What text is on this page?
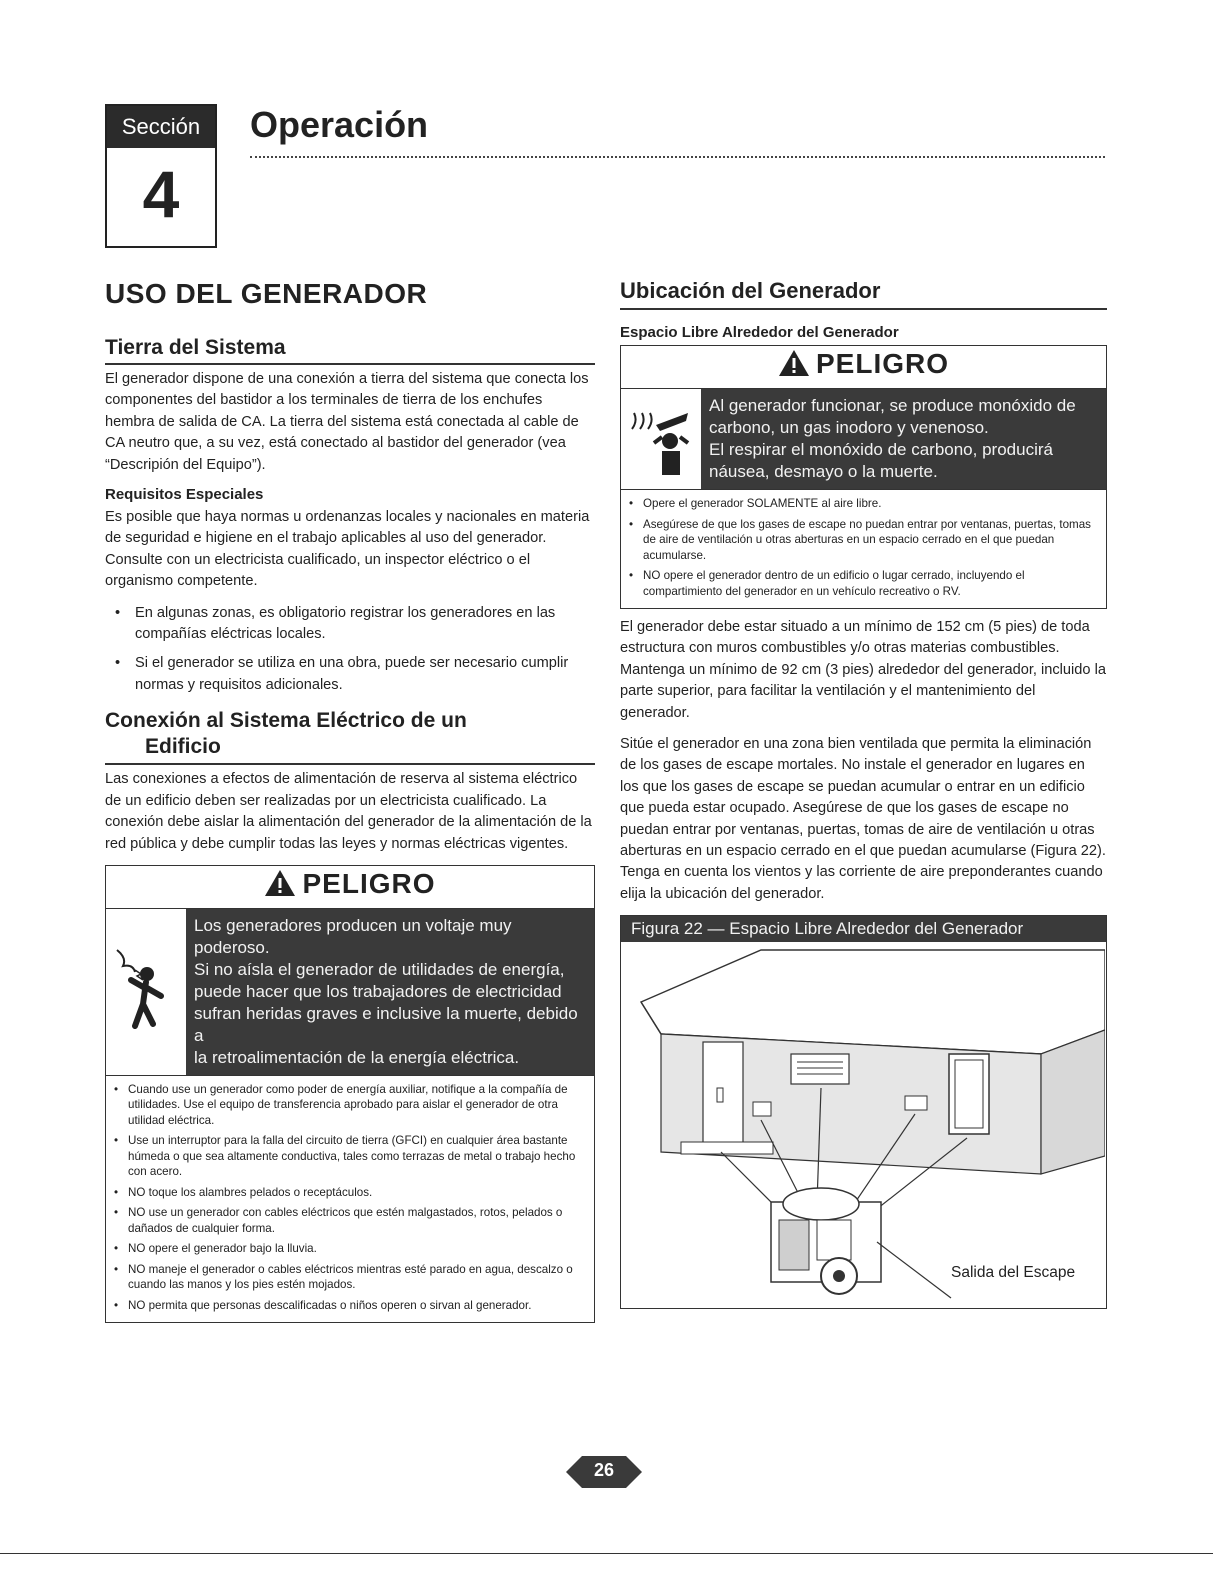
Sección
4
Operación
USO DEL GENERADOR
Tierra del Sistema

El generador dispone de una conexión a tierra del sistema que conecta los componentes del bastidor a los terminales de tierra de los enchufes hembra de salida de CA. La tierra del sistema está conectada al cable de CA neutro que, a su vez, está conectado al bastidor del generador (vea “Descripión del Equipo”).

Requisitos Especiales

Es posible que haya normas u ordenanzas locales y nacionales en materia de seguridad e higiene en el trabajo aplicables al uso del generador. Consulte con un electricista cualificado, un inspector eléctrico o el organismo competente.

• En algunas zonas, es obligatorio registrar los generadores en las compañías eléctricas locales.
• Si el generador se utiliza en una obra, puede ser necesario cumplir normas y requisitos adicionales.
Conexión al Sistema Eléctrico de un
Edificio

Las conexiones a efectos de alimentación de reserva al sistema eléctrico de un edificio deben ser realizadas por un electricista cualificado. La conexión debe aislar la alimentación del generador de la alimentación de la red pública y debe cumplir todas las leyes y normas eléctricas vigentes.

PELIGRO
Los generadores producen un voltaje muy poderoso.
Si no aísla el generador de utilidades de energía,
puede hacer que los trabajadores de electricidad
sufran heridas graves e inclusive la muerte, debido a
la retroalimentación de la energía eléctrica.
• Cuando use un generador como poder de energía auxiliar, notifique a la compañía de utilidades. Use el equipo de transferencia aprobado para aislar el generador de otra utilidad eléctrica.
• Use un interruptor para la falla del circuito de tierra (GFCI) en cualquier área bastante húmeda o que sea altamente conductiva, tales como terrazas de metal o trabajo hecho con acero.
• NO toque los alambres pelados o receptáculos.
• NO use un generador con cables eléctricos que estén malgastados, rotos, pelados o dañados de cualquier forma.
• NO opere el generador bajo la lluvia.
• NO maneje el generador o cables eléctricos mientras esté parado en agua, descalzo o cuando las manos y los pies estén mojados.
• NO permita que personas descalificadas o niños operen o sirvan al generador.
Ubicación del Generador
Espacio Libre Alrededor del Generador
PELIGRO
Al generador funcionar, se produce monóxido de
carbono, un gas inodoro y venenoso.
El respirar el monóxido de carbono, producirá
náusea, desmayo o la muerte.
• Opere el generador SOLAMENTE al aire libre.
• Asegúrese de que los gases de escape no puedan entrar por ventanas, puertas, tomas de aire de ventilación u otras aberturas en un espacio cerrado en el que puedan acumularse.
• NO opere el generador dentro de un edificio o lugar cerrado, incluyendo el compartimiento del generador en un vehículo recreativo o RV.

El generador debe estar situado a un mínimo de 152 cm (5 pies) de toda estructura con muros combustibles y/o otras materias combustibles. Mantenga un mínimo de 92 cm (3 pies) alrededor del generador, incluido la parte superior, para facilitar la ventilación y el mantenimiento del generador.

Sitúe el generador en una zona bien ventilada que permita la eliminación de los gases de escape mortales. No instale el generador en lugares en los que los gases de escape se puedan acumular o entrar en un edificio que pueda estar ocupado. Asegúrese de que los gases de escape no puedan entrar por ventanas, puertas, tomas de aire de ventilación u otras aberturas en un espacio cerrado en el que puedan acumularse (Figura 22). Tenga en cuenta los vientos y las corriente de aire preponderantes cuando elija la ubicación del generador.

Figura 22 — Espacio Libre Alrededor del Generador
Salida del Escape
26
